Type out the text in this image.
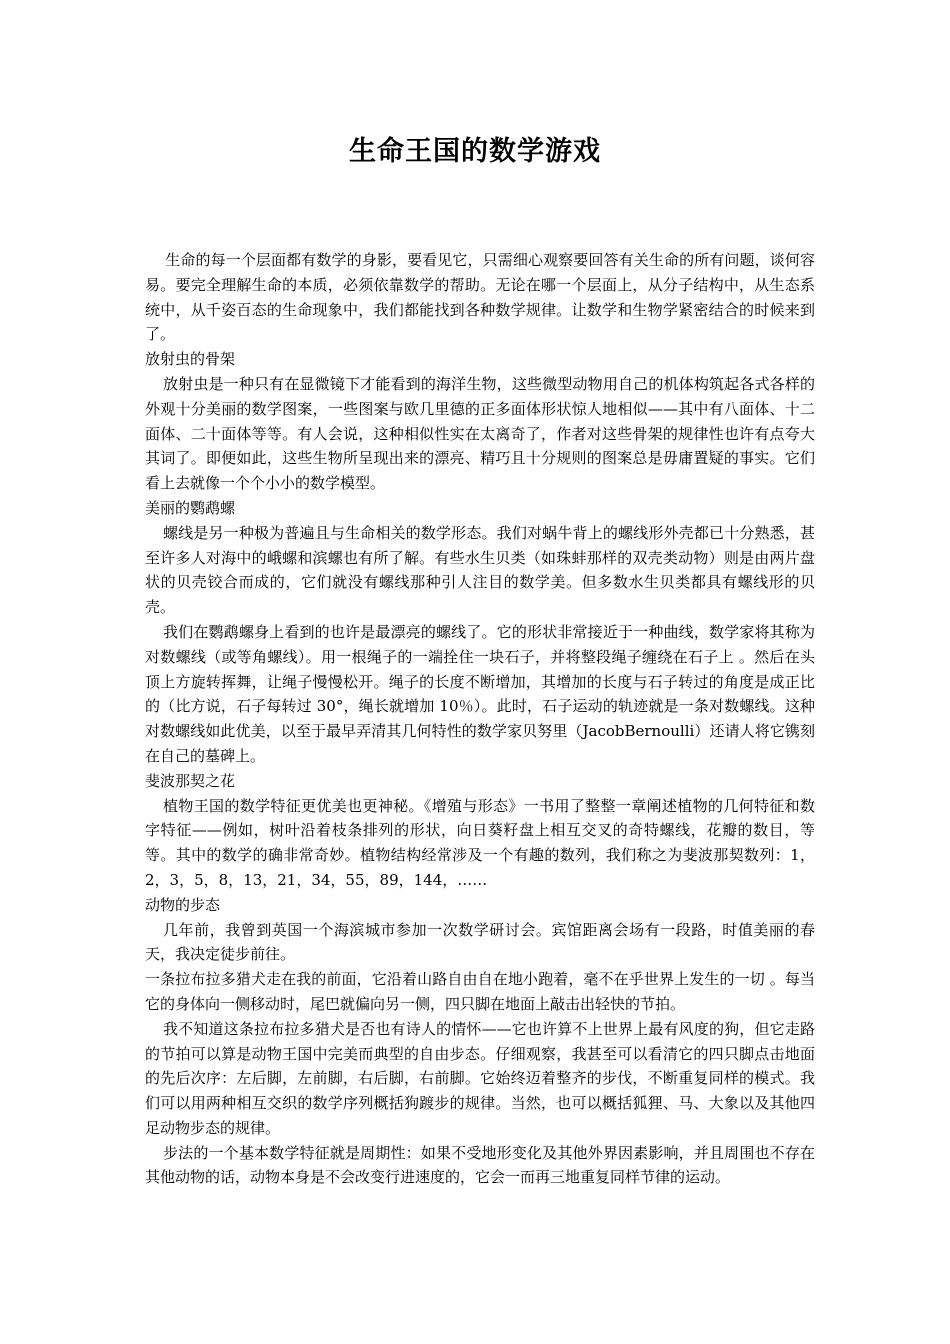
生命王国的数学游戏

生命的每一个层面都有数学的身影，要看见它，只需细心观察要回答有关生命的所有问题，谈何容易。要完全理解生命的本质，必须依靠数学的帮助。无论在哪一个层面上，从分子结构中，从生态系统中，从千姿百态的生命现象中，我们都能找到各种数学规律。让数学和生物学紧密结合的时候来到了。

放射虫的骨架

放射虫是一种只有在显微镜下才能看到的海洋生物，这些微型动物用自己的机体构筑起各式各样的外观十分美丽的数学图案，一些图案与欧几里德的正多面体形状惊人地相似——其中有八面体、十二面体、二十面体等等。有人会说，这种相似性实在太离奇了，作者对这些骨架的规律性也许有点夸大其词了。即便如此，这些生物所呈现出来的漂亮、精巧且十分规则的图案总是毋庸置疑的事实。它们看上去就像一个个小小的数学模型。

美丽的鹦鹉螺

螺线是另一种极为普遍且与生命相关的数学形态。我们对蜗牛背上的螺线形外壳都已十分熟悉，甚至许多人对海中的峨螺和滨螺也有所了解。有些水生贝类（如珠蚌那样的双壳类动物）则是由两片盘状的贝壳铰合而成的，它们就没有螺线那种引人注目的数学美。但多数水生贝类都具有螺线形的贝壳。

我们在鹦鹉螺身上看到的也许是最漂亮的螺线了。它的形状非常接近于一种曲线，数学家将其称为对数螺线（或等角螺线）。用一根绳子的一端拴住一块石子，并将整段绳子缠绕在石子上 。然后在头顶上方旋转挥舞，让绳子慢慢松开。绳子的长度不断增加，其增加的长度与石子转过的角度是成正比的（比方说，石子每转过 30°，绳长就增加 10％）。此时，石子运动的轨迹就是一条对数螺线。这种对数螺线如此优美，以至于最早弄清其几何特性的数学家贝努里（JacobBernoulli）还请人将它镌刻在自己的墓碑上。

斐波那契之花

植物王国的数学特征更优美也更神秘。《增殖与形态》一书用了整整一章阐述植物的几何特征和数字特征——例如，树叶沿着枝条排列的形状，向日葵籽盘上相互交叉的奇特螺线，花瓣的数目，等等。其中的数学的确非常奇妙。植物结构经常涉及一个有趣的数列，我们称之为斐波那契数列：1，2，3，5，8，13，21，34，55，89，144，……

动物的步态

几年前，我曾到英国一个海滨城市参加一次数学研讨会。宾馆距离会场有一段路，时值美丽的春天，我决定徒步前往。

一条拉布拉多猎犬走在我的前面，它沿着山路自由自在地小跑着，毫不在乎世界上发生的一切 。每当它的身体向一侧移动时，尾巴就偏向另一侧，四只脚在地面上敲击出轻快的节拍。

我不知道这条拉布拉多猎犬是否也有诗人的情怀——它也许算不上世界上最有风度的狗，但它走路的节拍可以算是动物王国中完美而典型的自由步态。仔细观察，我甚至可以看清它的四只脚点击地面的先后次序：左后脚，左前脚，右后脚，右前脚。它始终迈着整齐的步伐，不断重复同样的模式。我们可以用两种相互交织的数学序列概括狗踱步的规律。当然，也可以概括狐狸、马、大象以及其他四足动物步态的规律。

步法的一个基本数学特征就是周期性：如果不受地形变化及其他外界因素影响，并且周围也不存在其他动物的话，动物本身是不会改变行进速度的，它会一而再三地重复同样节律的运动。
